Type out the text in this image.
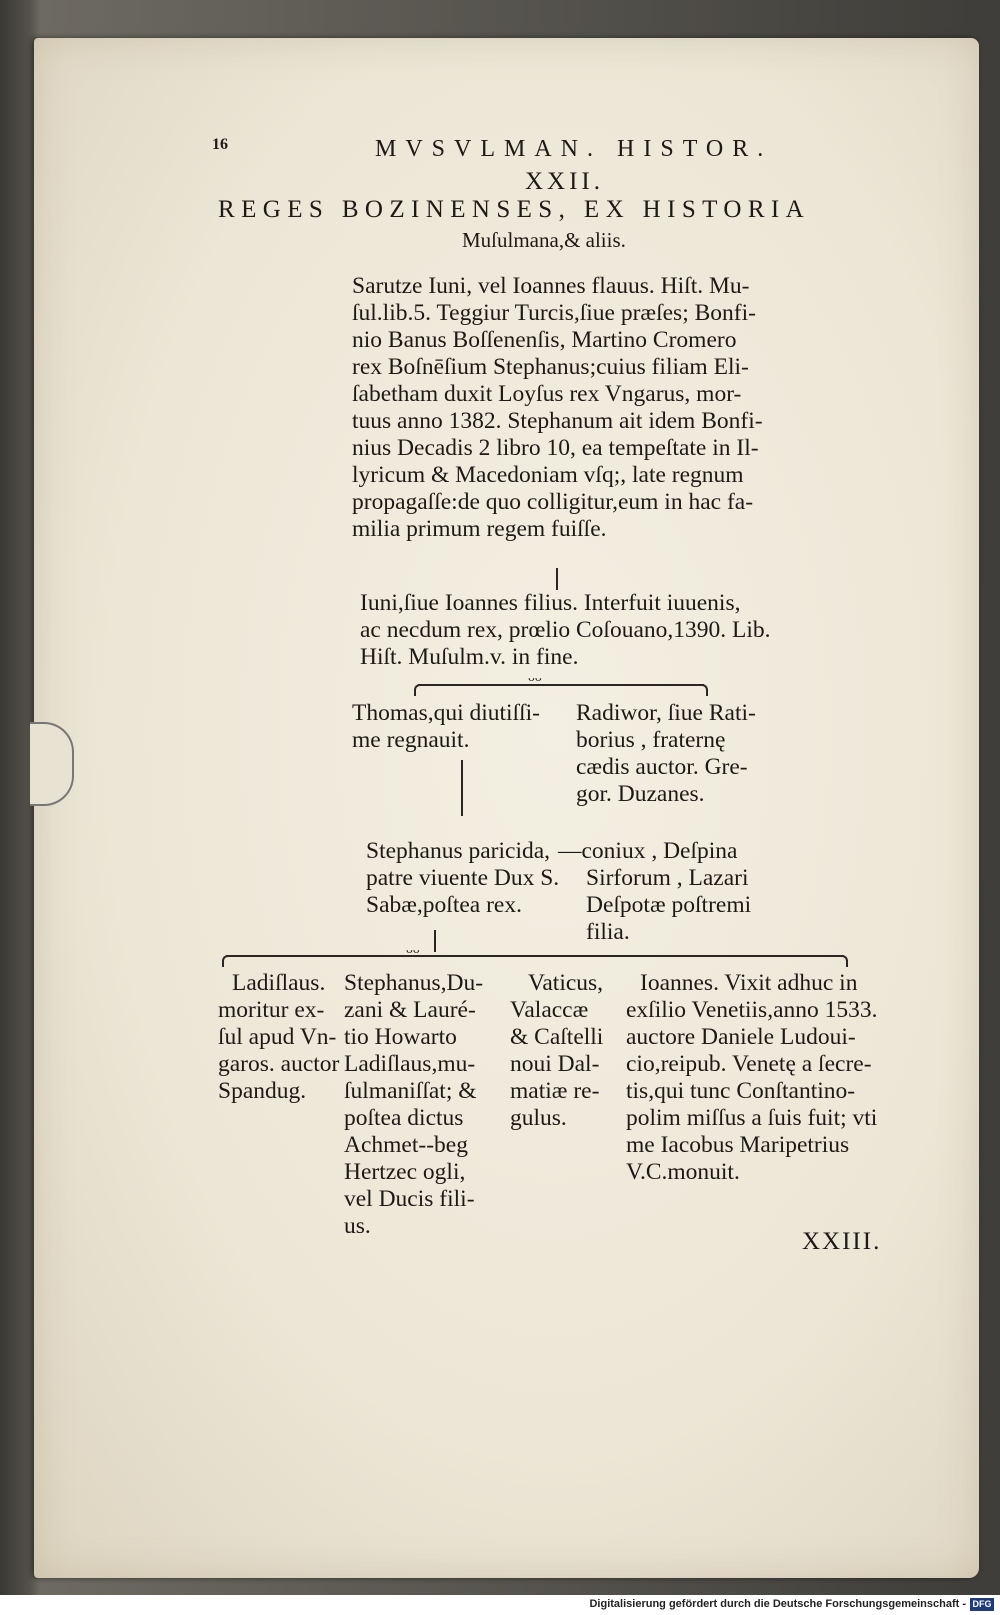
16	MVSVLMAN. HISTOR.
XXII.
REGES BOZINENSES, EX HISTORIA
Muſulmana,& aliis.
Sarutze Iuni, vel Ioannes flauus. Hiſt. Mu-
ſul.lib.5. Teggiur Turcis,ſiue præſes; Bonfi-
nio Banus Boſſenenſis, Martino Cromero
rex Boſnēſium Stephanus;cuius filiam Eli-
ſabetham duxit Loyſus rex Vngarus, mor-
tuus anno 1382. Stephanum ait idem Bonfi-
nius Decadis 2 libro 10, ea tempeſtate in Il-
lyricum & Macedoniam vſq;, late regnum
propagaſſe:de quo colligitur,eum in hac fa-
milia primum regem fuiſſe.
Iuni,ſiue Ioannes filius. Interfuit iuuenis,
ac necdum rex, prœlio Coſouano,1390. Lib.
Hiſt. Muſulm.v. in fine.
ᵕᵕ
Thomas,qui diutiſſi-
me regnauit.
Radiwor, ſiue Rati-
borius , fraternę
cædis auctor. Gre-
gor. Duzanes.
Stephanus paricida,
patre viuente Dux S.
Sabæ,poſtea rex.
—coniux , Deſpina
Sirforum , Lazari
Deſpotæ poſtremi
filia.
ᵕᵕ
Ladiſlaus.
moritur ex-
ſul apud Vn-
garos. auctor
Spandug.
Stephanus,Du-
zani & Lauré-
tio Howarto
Ladiſlaus,mu-
ſulmaniſſat; &
poſtea dictus
Achmet--beg
Hertzec ogli,
vel Ducis fili-
us.
Vaticus,
Valaccæ
& Caſtelli
noui Dal-
matiæ re-
gulus.
Ioannes. Vixit adhuc in
exſilio Venetiis,anno 1533.
auctore Daniele Ludoui-
cio,reipub. Venetę a ſecre-
tis,qui tunc Conſtantino-
polim miſſus a ſuis fuit; vti
me Iacobus Maripetrius
V.C.monuit.
XXIII.
Digitalisierung gefördert durch die Deutsche Forschungsgemeinschaft - DFG
